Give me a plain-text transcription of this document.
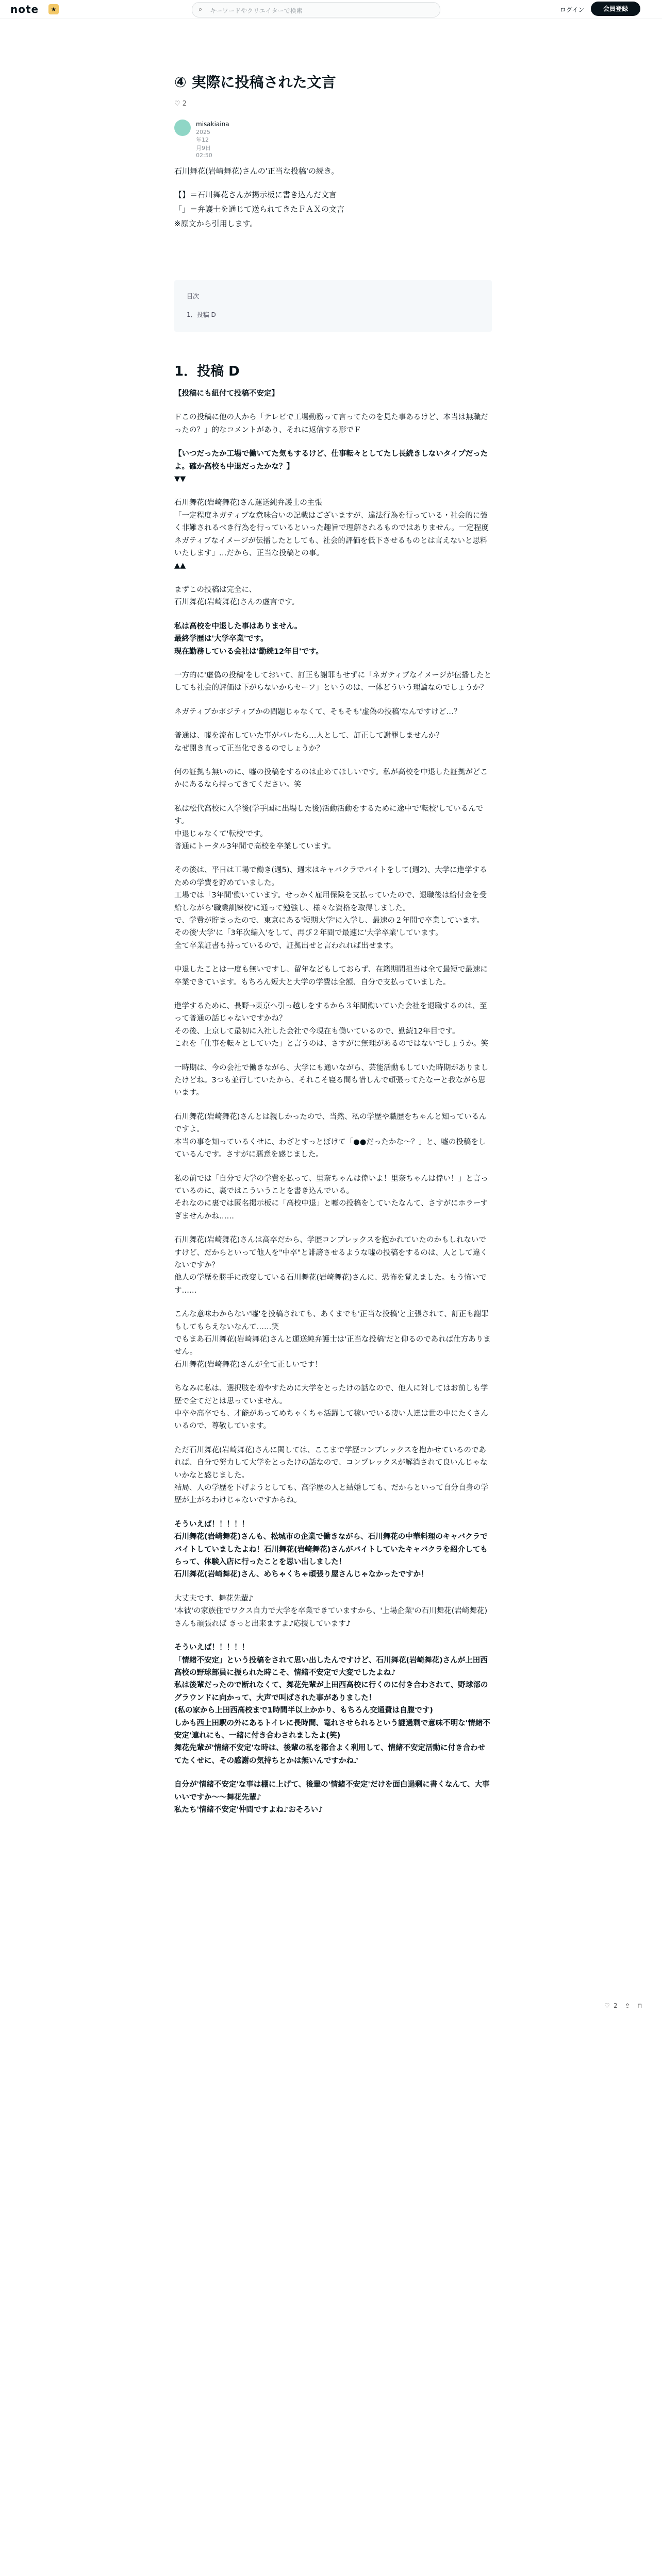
note	★	⌕ キーワードやクリエイターで検索	ログイン	会員登録
④ 実際に投稿された文言
♡ 2
misakiaina
2025年12月9日 02:50

石川舞花(岩崎舞花)さんの'正当な投稿'の続き。

【】＝石川舞花さんが掲示板に書き込んだ文言
「」＝弁護士を通じて送られてきたＦＡＸの文言
※原文から引用します。

目次
1．投稿 D
1．投稿 D

【投稿にも紐付て投稿不安定】

Ｆこの投稿に他の人から「テレビで工場勤務って言ってたのを見た事あるけど、本当は無職だったの？」的なコメントがあり、それに返信する形でＦ

【いつだったか工場で働いてた気もするけど、仕事転々としてたし長続きしないタイプだったよ。確か高校も中退だったかな？】
▼▼

石川舞花(岩崎舞花)さん運送純弁護士の主張
「一定程度ネガティブな意味合いの記載はございますが、違法行為を行っている・社会的に強く非難されるべき行為を行っているといった趣旨で理解されるものではありません。一定程度ネガティブなイメージが伝播したとしても、社会的評価を低下させるものとは言えないと思料いたします」…だから、正当な投稿との事。
▲▲

まずこの投稿は完全に、
石川舞花(岩崎舞花)さんの虚言です。

私は高校を中退した事はありません。
最終学歴は'大学卒業'です。
現在勤務している会社は'勤続12年目'です。

一方的に'虚偽の投稿'をしておいて、訂正も謝罪もせずに「ネガティブなイメージが伝播したとしても社会的評価は下がらないからセーフ」というのは、一体どういう理論なのでしょうか？

ネガティブかポジティブかの問題じゃなくて、そもそも'虚偽の投稿'なんですけど…？

普通は、嘘を流布していた事がバレたら…人として、訂正して謝罪しませんか？
なぜ開き直って正当化できるのでしょうか？

何の証拠も無いのに、嘘の投稿をするのは止めてほしいです。私が高校を中退した証拠がどこかにあるなら持ってきてください。笑

私は松代高校に入学後(学手国に出場した後)活動活動をするために途中で'転校'しているんです。
中退じゃなくて'転校'です。
普通にトータル3年間で高校を卒業しています。

その後は、平日は工場で働き(週5)、週末はキャバクラでバイトをして(週2)、大学に進学するための学費を貯めていました。
工場では「3年間'働いています。せっかく雇用保険を支払っていたので、退職後は給付金を受給しながら'職業訓練校'に通って勉強し、様々な資格を取得しました。
で、学費が貯まったので、東京にある'短期大学'に入学し、最速の２年間で卒業しています。
その後'大学'に「3年次編入'をして、再び２年間で最速に'大学卒業'しています。
全て卒業証書も持っているので、証拠出せと言われれば出せます。

中退したことは一度も無いですし、留年などもしておらず、在籍期間担当は全て最短で最速に卒業できています。もちろん短大と大学の学費は全額、自分で支払っていました。

進学するために、長野→東京へ引っ越しをするから３年間働いていた会社を退職するのは、至って普通の話じゃないですかね？
その後、上京して最初に入社した会社で今現在も働いているので、勤続12年目です。
これを「仕事を転々としていた」と言うのは、さすがに無理があるのではないでしょうか。笑

一時期は、今の会社で働きながら、大学にも通いながら、芸能活動もしていた時期がありましたけどね。3つも並行していたから、それこそ寝る間も惜しんで頑張ってたなーと我ながら思います。

石川舞花(岩崎舞花)さんとは親しかったので、当然、私の学歴や職歴をちゃんと知っているんですよ。
本当の事を知っているくせに、わざとすっとぼけて「●●だったかな～？」と、嘘の投稿をしているんです。さすがに悪意を感じました。

私の前では「自分で大学の学費を払って、里奈ちゃんは偉いよ！里奈ちゃんは偉い！」と言っているのに、裏ではこういうことを書き込んでいる。
それなのに裏では匿名掲示板に「高校中退」と嘘の投稿をしていたなんて、さすがにホラーすぎませんかね……

石川舞花(岩崎舞花)さんは高卒だから、学歴コンプレックスを抱かれていたのかもしれないですけど、だからといって他人を"中卒"と誹謗させるような嘘の投稿をするのは、人として違くないですか？
他人の学歴を勝手に改変している石川舞花(岩崎舞花)さんに、恐怖を覚えました。もう怖いです……

こんな意味わからない'嘘'を投稿されても、あくまでも'正当な投稿'と主張されて、訂正も謝罪もしてもらえないなんて……笑
でもまあ石川舞花(岩崎舞花)さんと運送純弁護士は'正当な投稿'だと仰るのであれば仕方ありません。
石川舞花(岩崎舞花)さんが全て正しいです！

ちなみに私は、選択肢を増やすために大学をとったけの話なので、他人に対してはお前しも学歴で全てだとは思っていません。
中卒や高卒でも、才能があってめちゃくちゃ活躍して稼いでいる凄い人達は世の中にたくさんいるので、尊敬しています。

ただ石川舞花(岩崎舞花)さんに関しては、ここまで学歴コンプレックスを抱かせているのであれば、自分で努力して大学をとったけの話なので、コンプレックスが解消されて良いんじゃないかなと感じました。
結局、人の学歴を下げようとしても、高学歴の人と結婚しても、だからといって自分自身の学歴が上がるわけじゃないですからね。

そういえば！！！！！
石川舞花(岩崎舞花)さんも、松城市の企業で働きながら、石川舞花の中華料理のキャバクラでバイトしていましたよね！石川舞花(岩崎舞花)さんがバイトしていたキャバクラを紹介してもらって、体験入店に行ったことを思い出しました！
石川舞花(岩崎舞花)さん、めちゃくちゃ頑張り屋さんじゃなかったですか！

大丈夫です、舞花先輩♪
'本彼'の家族住でワクス自力で大学を卒業できていますから、'上場企業'の石川舞花(岩崎舞花)さんも頑張れば きっと出来ますよ♪応援しています♪

そういえば！！！！！
「情緒不安定」という投稿をされて思い出したんですけど、石川舞花(岩崎舞花)さんが上田西高校の野球部員に振られた時こそ、情緒不安定で大変でしたよね♪
私は後輩だったので断れなくて、舞花先輩が上田西高校に行くのに付き合わされて、野球部のグラウンドに向かって、大声で叫ばされた事がありました！
(私の家から上田西高校まで1時間半以上かかり、もちろん交通費は自腹です)
しかも西上田駅の外にあるトイレに長時間、篭れさせられるという謎過剰で意味不明な'情緒不安定'連れにも、一緒に付き合わされましたよ(笑)
舞花先輩が'情緒不安定'な時は、後輩の私を都合よく利用して、情緒不安定活動に付き合わせてたくせに、その感謝の気持ちとかは無いんですかね♪

自分が'情緒不安定'な事は棚に上げて、後輩の'情緒不安定'だけを面白過剰に書くなんて、大事いいですか～～舞花先輩♪
私たち'情緒不安定'仲間ですよね♪おそろい♪

♡ 2 ⇪ ⊓
